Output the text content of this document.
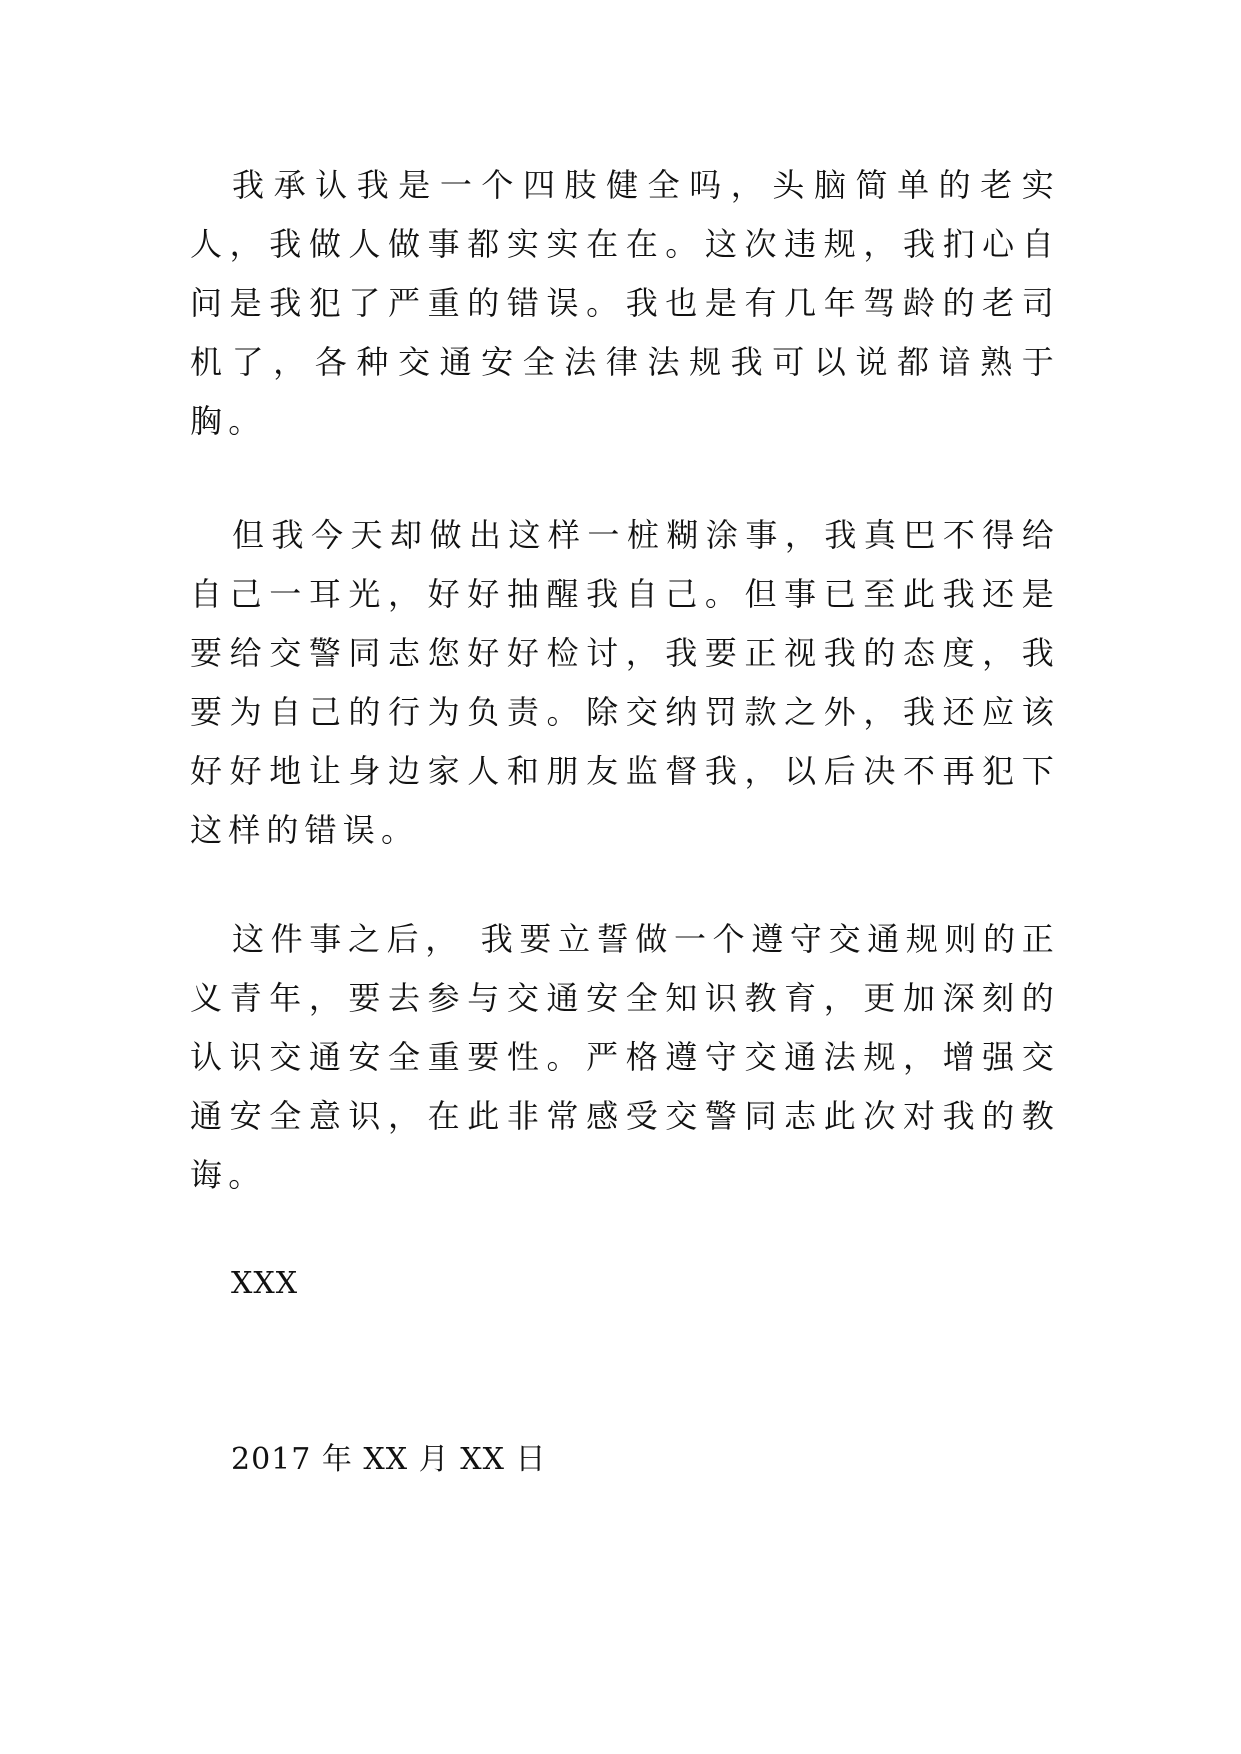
我承认我是一个四肢健全吗，头脑简单的老实人，我做人做事都实实在在。这次违规，我扪心自问是我犯了严重的错误。我也是有几年驾龄的老司机了，各种交通安全法律法规我可以说都谙熟于胸。

但我今天却做出这样一桩糊涂事，我真巴不得给自己一耳光，好好抽醒我自己。但事已至此我还是要给交警同志您好好检讨，我要正视我的态度，我要为自己的行为负责。除交纳罚款之外，我还应该好好地让身边家人和朋友监督我，以后决不再犯下这样的错误。

这件事之后， 我要立誓做一个遵守交通规则的正义青年，要去参与交通安全知识教育，更加深刻的认识交通安全重要性。严格遵守交通法规，增强交通安全意识，在此非常感受交警同志此次对我的教诲。

XXX

2017 年 XX 月 XX 日
